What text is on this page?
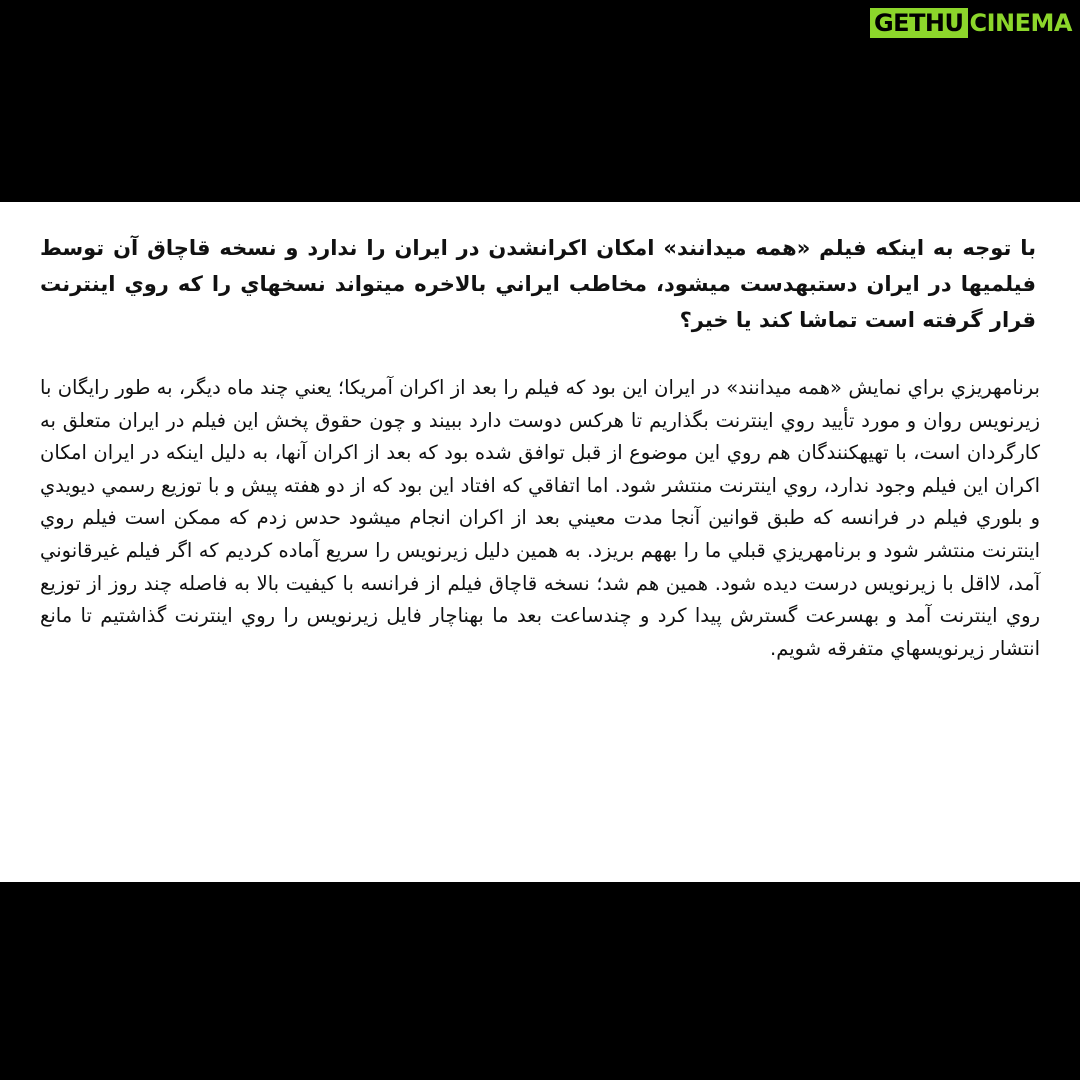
GETHU CINEMA

با توجه به اینکه فیلم «همه ميدانند» امکان اکرانشدن در ایران را ندارد و نسخه قاچاق آن توسط فیلميها در ایران دستبهدست ميشود، مخاطب ایراني بالاخره ميتواند نسخهاي را که روي اینترنت قرار گرفته است تماشا کند یا خیر؟

برنامهریزي براي نمایش «همه ميدانند» در ایران این بود که فیلم را بعد از اکران آمریکا؛ یعني چند ماه دیگر، به طور رایگان با زیرنویس روان و مورد تأیید روي اینترنت بگذاریم تا هرکس دوست دارد ببیند و چون حقوق پخش این فیلم در ایران متعلق به کارگردان است، با تهیهکنندگان هم روي این موضوع از قبل توافق شده بود که بعد از اکران آنها، به دلیل اینکه در ایران امکان اکران این فیلم وجود ندارد، روي اینترنت منتشر شود. اما اتفاقي که افتاد این بود که از دو هفته پیش و با توزیع رسمي ديويدي و بلوري فیلم در فرانسه که طبق قوانین آنجا مدت معیني بعد از اکران انجام ميشود حدس زدم که ممکن است فیلم روي اینترنت منتشر شود و برنامهریزي قبلي ما را بههم بریزد. به همین دلیل زیرنویس را سریع آماده کردیم که اگر فیلم غیرقانوني آمد، لااقل با زیرنویس درست دیده شود. همین هم شد؛ نسخه قاچاق فیلم از فرانسه با کیفیت بالا به فاصله چند روز از توزیع روي اینترنت آمد و بهسرعت گسترش پیدا کرد و چندساعت بعد ما بهناچار فایل زیرنویس را روي اینترنت گذاشتیم تا مانع انتشار زیرنویسهاي متفرقه شویم.
